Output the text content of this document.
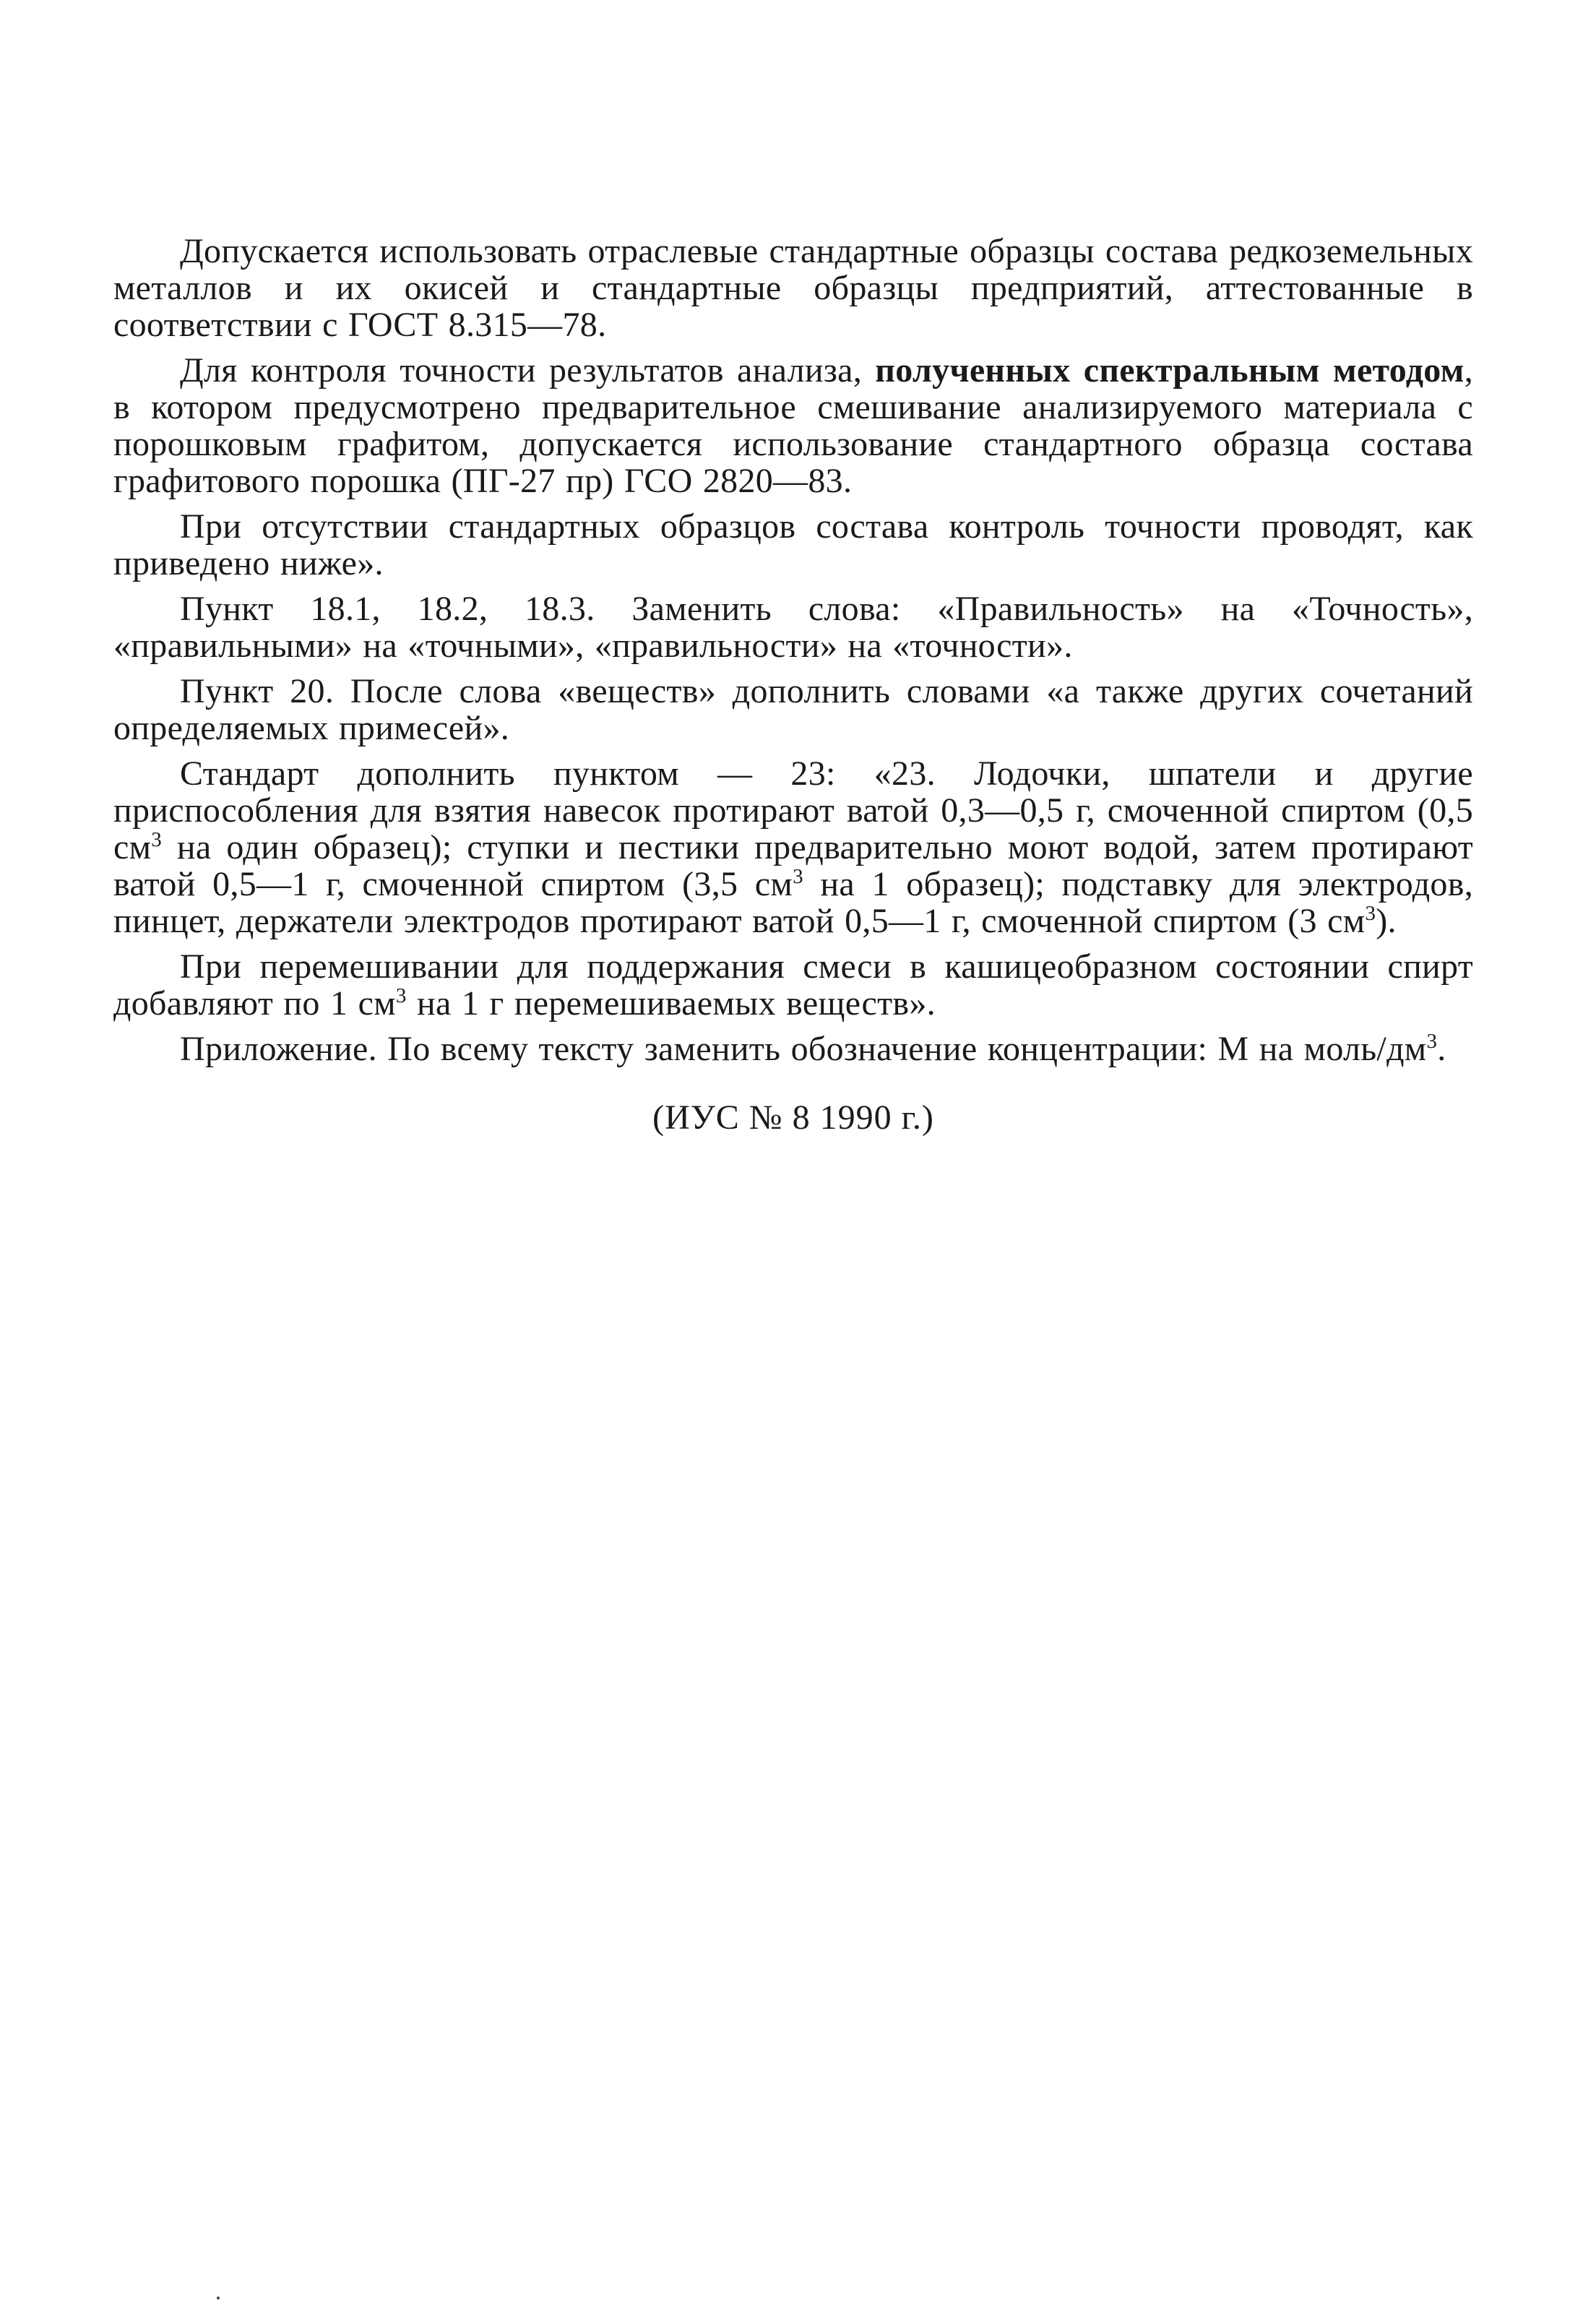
Допускается использовать отраслевые стандартные образцы состава редкоземельных металлов и их окисей и стандартные образцы предприятий, аттестованные в соответствии с ГОСТ 8.315—78.

Для контроля точности результатов анализа, полученных спектральным методом, в котором предусмотрено предварительное смешивание анализируемого материала с порошковым графитом, допускается использование стандартного образца состава графитового порошка (ПГ-27 пр) ГСО 2820—83.

При отсутствии стандартных образцов состава контроль точности проводят, как приведено ниже».

Пункт 18.1, 18.2, 18.3. Заменить слова: «Правильность» на «Точность», «правильными» на «точными», «правильности» на «точности».

Пункт 20. После слова «веществ» дополнить словами «а также других сочетаний определяемых примесей».

Стандарт дополнить пунктом — 23: «23. Лодочки, шпатели и другие приспособления для взятия навесок протирают ватой 0,3—0,5 г, смоченной спиртом (0,5 $см^3$ на один образец); ступки и пестики предварительно моют водой, затем протирают ватой 0,5—1 г, смоченной спиртом (3,5 $см^3$ на 1 образец); подставку для электродов, пинцет, держатели электродов протирают ватой 0,5—1 г, смоченной спиртом (3 $см^3$).

При перемешивании для поддержания смеси в кашицеобразном состоянии спирт добавляют по 1 $см^3$ на 1 г перемешиваемых веществ».

Приложение. По всему тексту заменить обозначение концентрации: М на моль/$дм^3$.

(ИУС № 8 1990 г.)
